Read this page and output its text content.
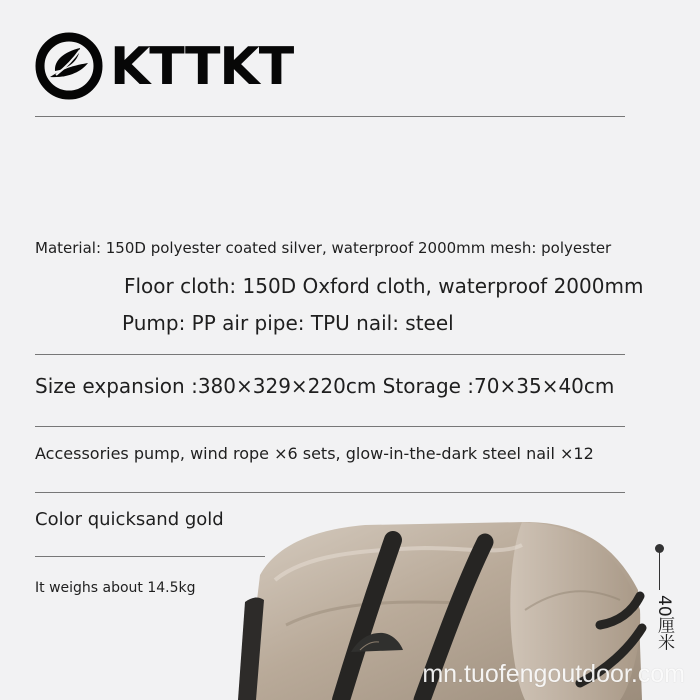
KTTKT
Material: 150D polyester coated silver, waterproof 2000mm mesh: polyester
Floor cloth: 150D Oxford cloth, waterproof 2000mm
Pump: PP air pipe: TPU nail: steel
Size expansion :380×329×220cm Storage :70×35×40cm
Accessories pump, wind rope ×6 sets, glow-in-the-dark steel nail ×12
Color quicksand gold
It weighs about 14.5kg
40厘米
mn.tuofengoutdoor.com
